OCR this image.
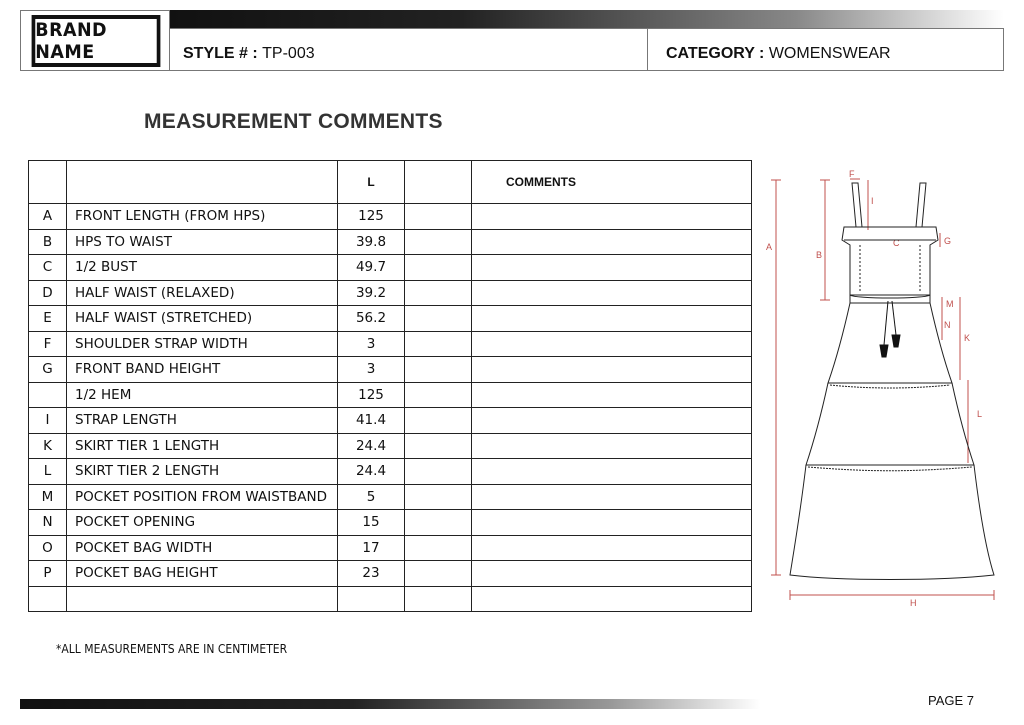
BRAND NAME	STYLE # : TP-003	CATEGORY : WOMENSWEAR
MEASUREMENT COMMENTS
		L		COMMENTS
A	FRONT LENGTH (FROM HPS)	125		
B	HPS TO WAIST	39.8		
C	1/2 BUST	49.7		
D	HALF WAIST (RELAXED)	39.2		
E	HALF WAIST (STRETCHED)	56.2		
F	SHOULDER STRAP WIDTH	3		
G	FRONT BAND HEIGHT	3		
	1/2 HEM	125		
I	STRAP LENGTH	41.4		
K	SKIRT TIER 1 LENGTH	24.4		
L	SKIRT TIER 2 LENGTH	24.4		
M	POCKET POSITION FROM WAISTBAND	5		
N	POCKET OPENING	15		
O	POCKET BAG WIDTH	17		
P	POCKET BAG HEIGHT	23		

A
B
C
F
I
G
M
N
K
L
H
*ALL MEASUREMENTS ARE IN CENTIMETER
PAGE 7
